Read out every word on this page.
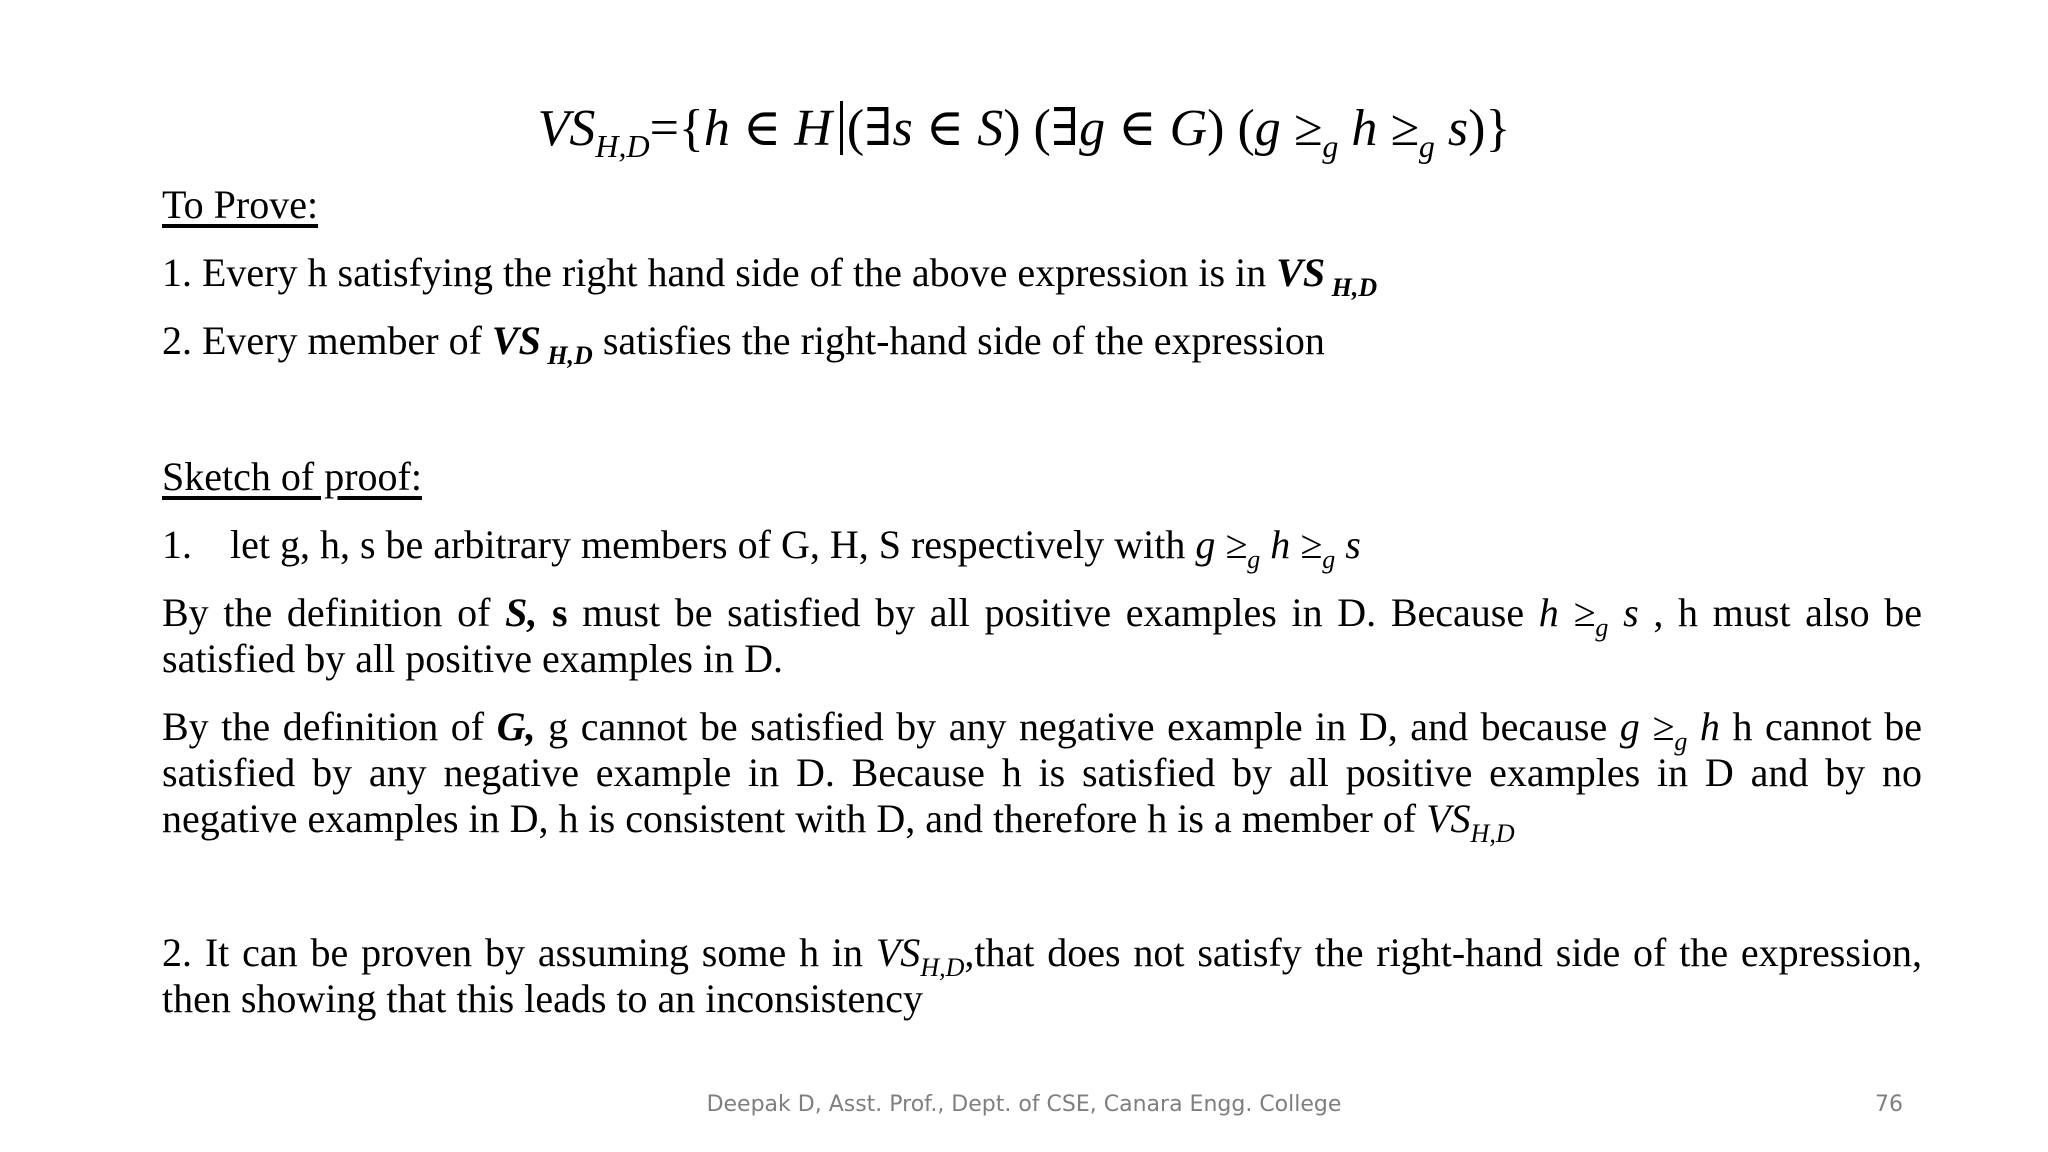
$VS_{H,D}=\{h$ ∈ H (∃s ∈ S) (∃g ∈ G) ($g \ge_g$ $h \ge_g$ s)}
To Prove:
1. Every h satisfying the right hand side of the above expression is in VS $_{H,D}$
2. Every member of VS $_{H,D}$ satisfies the right-hand side of the expression
Sketch of proof:
1. let g, h, s be arbitrary members of G, H, S respectively with $g \ge_g$ $h \ge_g$ s
By the definition of S, s must be satisfied by all positive examples in D. Because $h \ge_g$ s , h must also be satisfied by all positive examples in D.
By the definition of G, g cannot be satisfied by any negative example in D, and because $g \ge_g$ h h cannot be satisfied by any negative example in D. Because h is satisfied by all positive examples in D and by no negative examples in D, h is consistent with D, and therefore h is a member of $VS_{H,D}$
2. It can be proven by assuming some h in $VS_{H,D},that$ does not satisfy the right-hand side of the expression, then showing that this leads to an inconsistency
Deepak D, Asst. Prof., Dept. of CSE, Canara Engg. College	76
